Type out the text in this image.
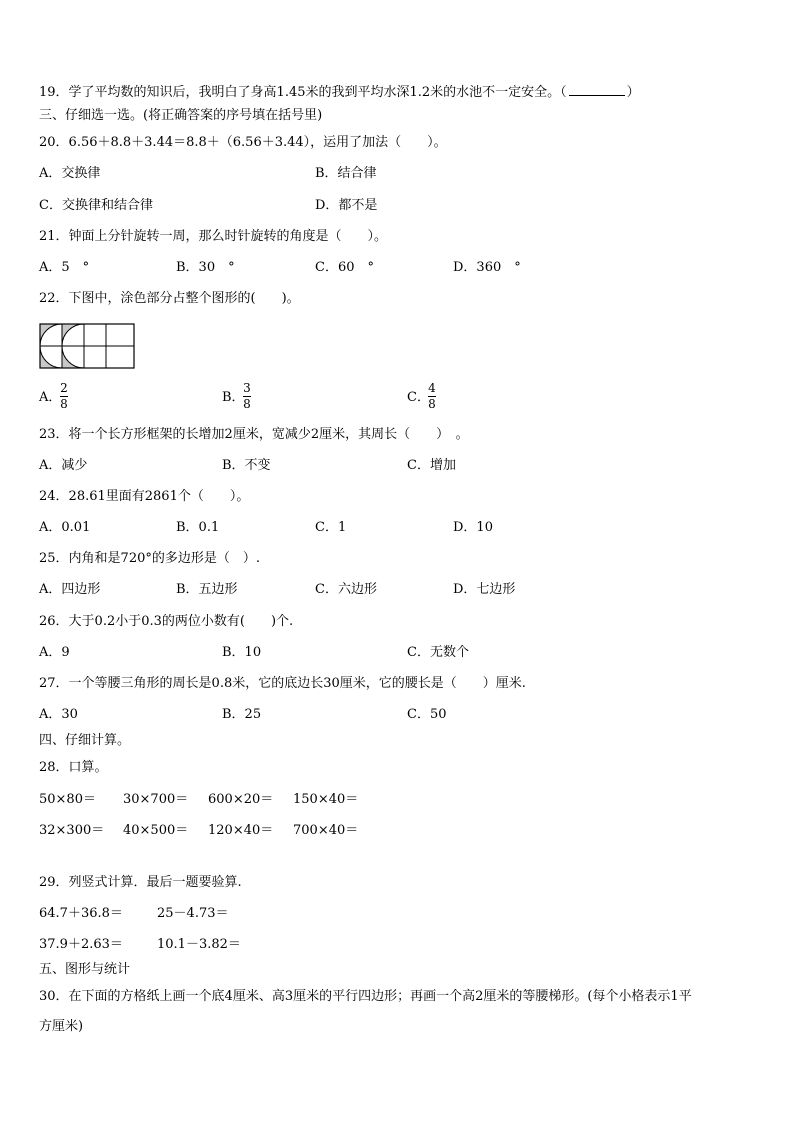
19．学了平均数的知识后，我明白了身高1.45米的我到平均水深1.2米的水池不一定安全。（	）
三、仔细选一选。(将正确答案的序号填在括号里)
20．6.56＋8.8＋3.44＝8.8＋（6.56＋3.44），运用了加法（　　）。
A．交换律	B．结合律
C．交换律和结合律	D．都不是
21．钟面上分针旋转一周，那么时针旋转的角度是（　　）。
A．5　°	B．30　°	C．60　°	D．360　°
22．下图中，涂色部分占整个图形的(　　)。
A．
2
8	B．
3
8	C．
4
8
23．将一个长方形框架的长增加2厘米，宽减少2厘米，其周长（　　）　。
A．减少	B．不变	C．增加
24．28.61里面有2861个（　　）。
A．0.01	B．0.1	C．1	D．10
25．内角和是720°的多边形是（　）.
A．四边形	B．五边形	C．六边形	D．七边形
26．大于0.2小于0.3的两位小数有(　　)个.
A．9	B．10	C．无数个
27．一个等腰三角形的周长是0.8米，它的底边长30厘米，它的腰长是（　　）厘米.
A．30	B．25	C．50
四、仔细计算。
28．口算。
50×80＝ 30×700＝ 600×20＝ 150×40＝
32×300＝ 40×500＝ 120×40＝ 700×40＝
29．列竖式计算．最后一题要验算.
64.7＋36.8＝	25－4.73＝
37.9＋2.63＝	10.1－3.82＝
五、图形与统计
30．在下面的方格纸上画一个底4厘米、高3厘米的平行四边形；再画一个高2厘米的等腰梯形。(每个小格表示1平
方厘米)
